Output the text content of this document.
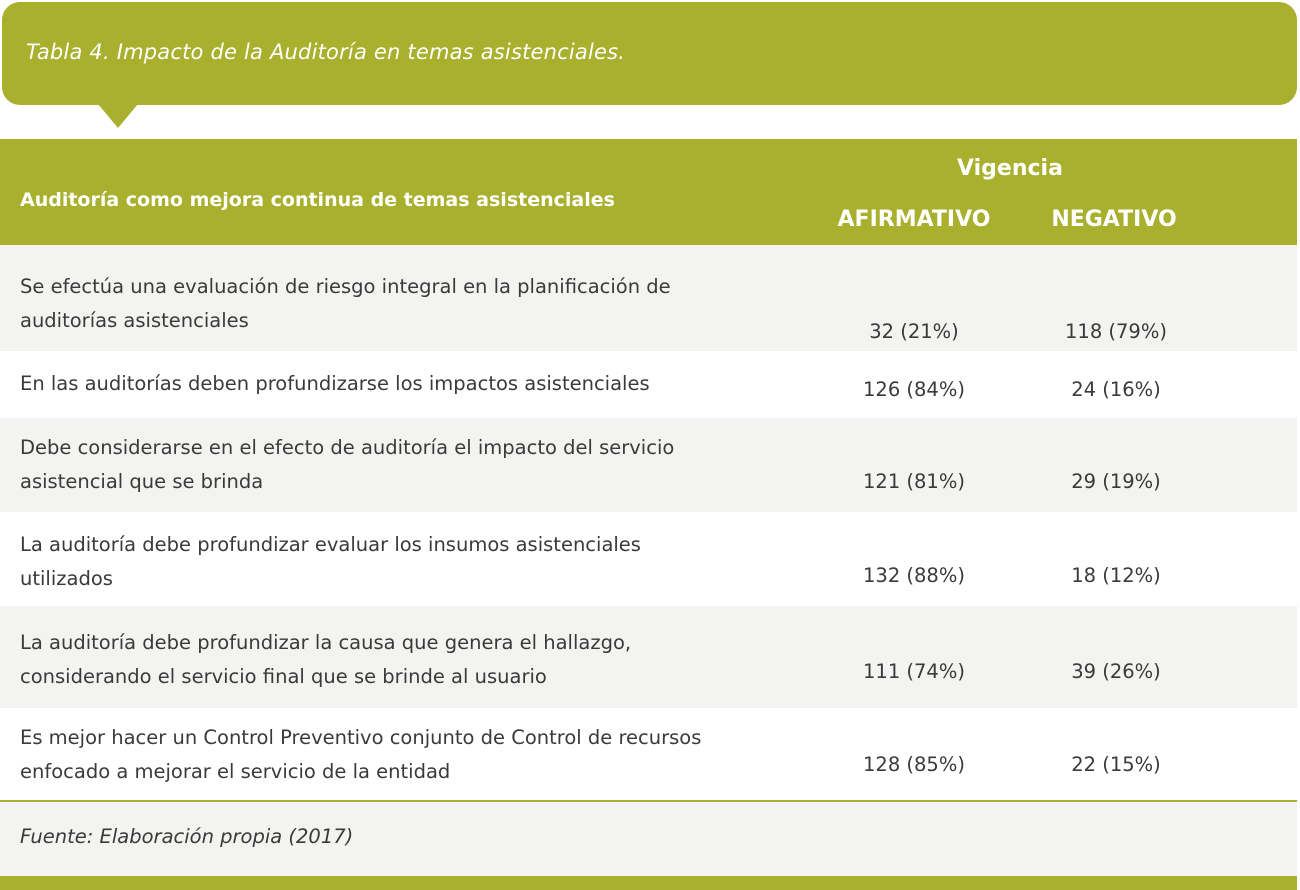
Tabla 4. Impacto de la Auditoría en temas asistenciales.
Auditoría como mejora continua de temas asistenciales
Vigencia
AFIRMATIVO	NEGATIVO
Se efectúa una evaluación de riesgo integral en la planificación de auditorías asistenciales	32 (21%)	118 (79%)
En las auditorías deben profundizarse los impactos asistenciales	126 (84%)	24 (16%)
Debe considerarse en el efecto de auditoría el impacto del servicio asistencial que se brinda	121 (81%)	29 (19%)
La auditoría debe profundizar evaluar los insumos asistenciales utilizados	132 (88%)	18 (12%)
La auditoría debe profundizar la causa que genera el hallazgo, considerando el servicio final que se brinde al usuario	111 (74%)	39 (26%)
Es mejor hacer un Control Preventivo conjunto de Control de recursos enfocado a mejorar el servicio de la entidad	128 (85%)	22 (15%)
Fuente: Elaboración propia (2017)
